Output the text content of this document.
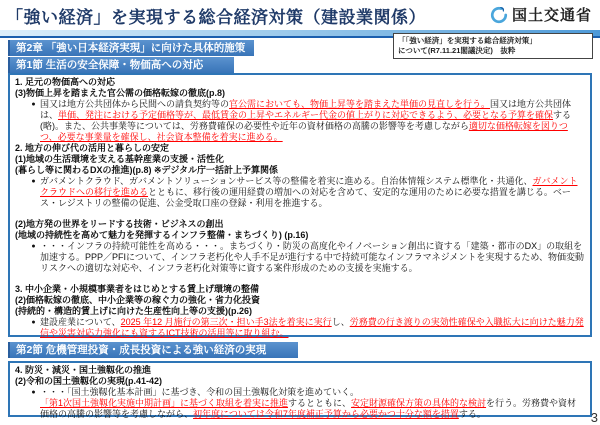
「強い経済」を実現する総合経済対策（建設業関係）	国土交通省
「「強い経済」を実現する総合経済対策」
について(R7.11.21閣議決定)　抜粋
第2章 「強い日本経済実現」に向けた具体的施策
第1節 生活の安全保障・物価高への対応
1. 足元の物価高への対応
(3)物価上昇を踏まえた官公需の価格転嫁の徹底(p.8)
● 国又は地方公共団体から民間への請負契約等の官公需においても、物価上昇等を踏まえた単価の見直しを行う。国又は地方公共団体は、単価、発注における予定価格等が、最低賃金の上昇やエネルギー代金の値上がりに対応できるよう、必要となる予算を確保する(略)。また、公共事業等については、労務費確保の必要性や近年の資材価格の高騰の影響等を考慮しながら適切な価格転嫁を図りつつ、必要な事業量を確保し、社会資本整備を着実に進める。
2. 地方の伸び代の活用と暮らしの安定
(1)地域の生活環境を支える基幹産業の支援・活性化
(暮らし等に関わるDXの推進)(p.8) ※デジタル庁一括計上予算関係
● ガバメントクラウド、ガバメントソリューションサービス等の整備を着実に進める。自治体情報システム標準化・共通化、ガバメントクラウドへの移行を進めるとともに、移行後の運用経費の増加への対応を含めて、安定的な運用のために必要な措置を講じる。ベース・レジストリの整備の促進、公金受取口座の登録・利用を推進する。
(2)地方発の世界をリードする技術・ビジネスの創出
(地域の持続性を高めて魅力を発揮するインフラ整備・まちづくり) (p.16)
● ・・・インフラの持続可能性を高める・・・。まちづくり・防災の高度化やイノベーション創出に資する「建築・都市のDX」の取組を加速する。PPP／PFIについて、インフラ老朽化や人手不足が進行する中で持続可能なインフラマネジメントを実現するため、物価変動リスクへの適切な対応や、インフラ老朽化対策等に資する案件形成のための支援を実施する。
3. 中小企業・小規模事業者をはじめとする賃上げ環境の整備
(2)価格転嫁の徹底、中小企業等の稼ぐ力の強化・省力化投資
(持続的・構造的賃上げに向けた生産性向上等の支援)(p.26)
● 建設産業について、2025 年12 月施行の第三次・担い手3法を着実に実行し、労務費の行き渡りの実効性確保や入職拡大に向けた魅力発信や災害対応力強化にも資するICT技術の活用等に取り組む。
第2節 危機管理投資・成長投資による強い経済の実現
4. 防災・減災・国土強靱化の推進
(2)令和の国土強靱化の実現(p.41-42)
● ・・・「国土強靱化基本計画」に基づき、令和の国土強靱化対策を進めていく。
「第1次国土強靱化実施中期計画」に基づく取組を着実に推進するとともに、安定財源確保方策の具体的な検討を行う。労務費や資材価格の高騰の影響等を考慮しながら、初年度については令和7年度補正予算から必要かつ十分な額を措置する。	3
